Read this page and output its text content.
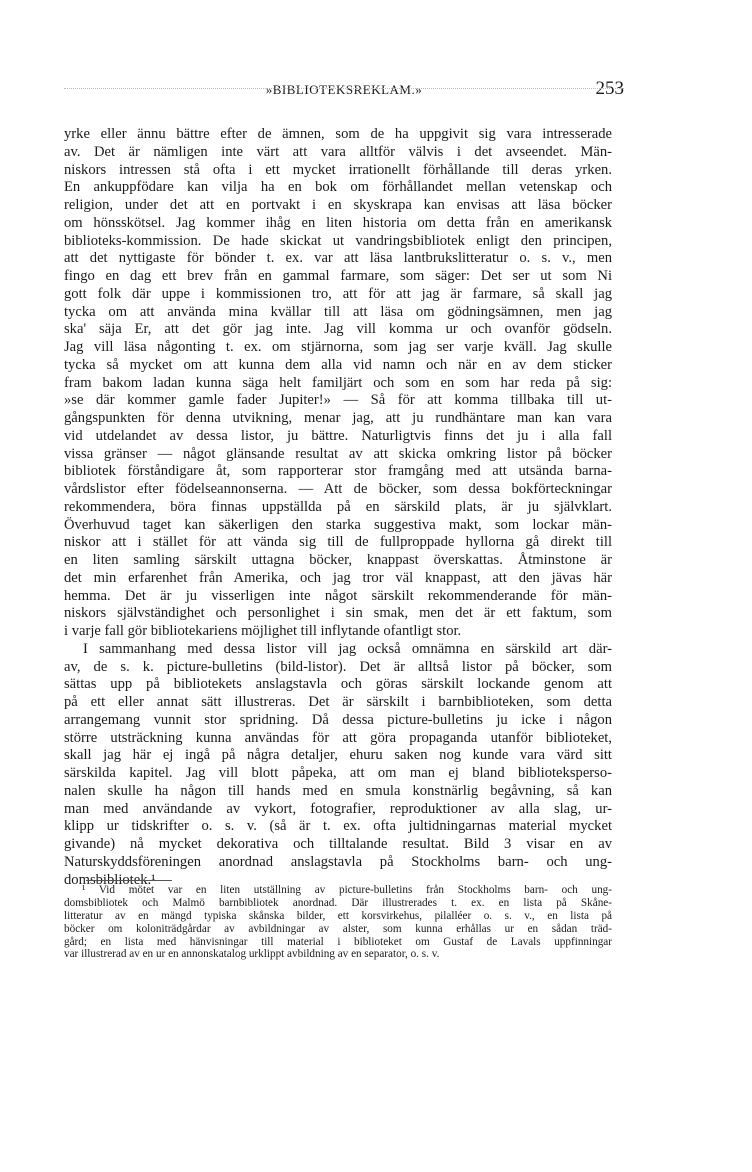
»BIBLIOTEKSREKLAM.»	253
yrke eller ännu bättre efter de ämnen, som de ha uppgivit sig vara intresserade
av. Det är nämligen inte värt att vara alltför välvis i det avseendet. Män-
niskors intressen stå ofta i ett mycket irrationellt förhållande till deras yrken.
En ankuppfödare kan vilja ha en bok om förhållandet mellan vetenskap och
religion, under det att en portvakt i en skyskrapa kan envisas att läsa böcker
om hönsskötsel. Jag kommer ihåg en liten historia om detta från en amerikansk
biblioteks-kommission. De hade skickat ut vandringsbibliotek enligt den principen,
att det nyttigaste för bönder t. ex. var att läsa lantbrukslitteratur o. s. v., men
fingo en dag ett brev från en gammal farmare, som säger: Det ser ut som Ni
gott folk där uppe i kommissionen tro, att för att jag är farmare, så skall jag
tycka om att använda mina kvällar till att läsa om gödningsämnen, men jag
ska' säja Er, att det gör jag inte. Jag vill komma ur och ovanför gödseln.
Jag vill läsa någonting t. ex. om stjärnorna, som jag ser varje kväll. Jag skulle
tycka så mycket om att kunna dem alla vid namn och när en av dem sticker
fram bakom ladan kunna säga helt familjärt och som en som har reda på sig:
»se där kommer gamle fader Jupiter!» — Så för att komma tillbaka till ut-
gångspunkten för denna utvikning, menar jag, att ju rundhäntare man kan vara
vid utdelandet av dessa listor, ju bättre. Naturligtvis finns det ju i alla fall
vissa gränser — något glänsande resultat av att skicka omkring listor på böcker
bibliotek förståndigare åt, som rapporterar stor framgång med att utsända barna-
vårdslistor efter födelseannonserna. — Att de böcker, som dessa bokförteckningar
rekommendera, böra finnas uppställda på en särskild plats, är ju självklart.
Överhuvud taget kan säkerligen den starka suggestiva makt, som lockar män-
niskor att i stället för att vända sig till de fullproppade hyllorna gå direkt till
en liten samling särskilt uttagna böcker, knappast överskattas. Åtminstone är
det min erfarenhet från Amerika, och jag tror väl knappast, att den jävas här
hemma. Det är ju visserligen inte något särskilt rekommenderande för män-
niskors självständighet och personlighet i sin smak, men det är ett faktum, som
i varje fall gör bibliotekariens möjlighet till inflytande ofantligt stor.
I sammanhang med dessa listor vill jag också omnämna en särskild art där-
av, de s. k. picture-bulletins (bild-listor). Det är alltså listor på böcker, som
sättas upp på bibliotekets anslagstavla och göras särskilt lockande genom att
på ett eller annat sätt illustreras. Det är särskilt i barnbiblioteken, som detta
arrangemang vunnit stor spridning. Då dessa picture-bulletins ju icke i någon
större utsträckning kunna användas för att göra propaganda utanför biblioteket,
skall jag här ej ingå på några detaljer, ehuru saken nog kunde vara värd sitt
särskilda kapitel. Jag vill blott påpeka, att om man ej bland bibliotekspersо-
nalen skulle ha någon till hands med en smula konstnärlig begåvning, så kan
man med användande av vykort, fotografier, reproduktioner av alla slag, ur-
klipp ur tidskrifter o. s. v. (så är t. ex. ofta jultidningarnas material mycket
givande) nå mycket dekorativa och tilltalande resultat. Bild 3 visar en av
Naturskyddsföreningen anordnad anslagstavla på Stockholms barn- och ung-
domsbibliotek.¹
¹ Vid mötet var en liten utställning av picture-bulletins från Stockholms barn- och ung-
domsbibliotek och Malmö barnbibliotek anordnad. Där illustrerades t. ex. en lista på Skåne-
litteratur av en mängd typiska skånska bilder, ett korsvirkehus, pilalléer o. s. v., en lista på
böcker om koloniträdgårdar av avbildningar av alster, som kunna erhållas ur en sådan träd-
gård; en lista med hänvisningar till material i biblioteket om Gustaf de Lavals uppfinningar
var illustrerad av en ur en annonskatalog urklippt avbildning av en separator, o. s. v.
